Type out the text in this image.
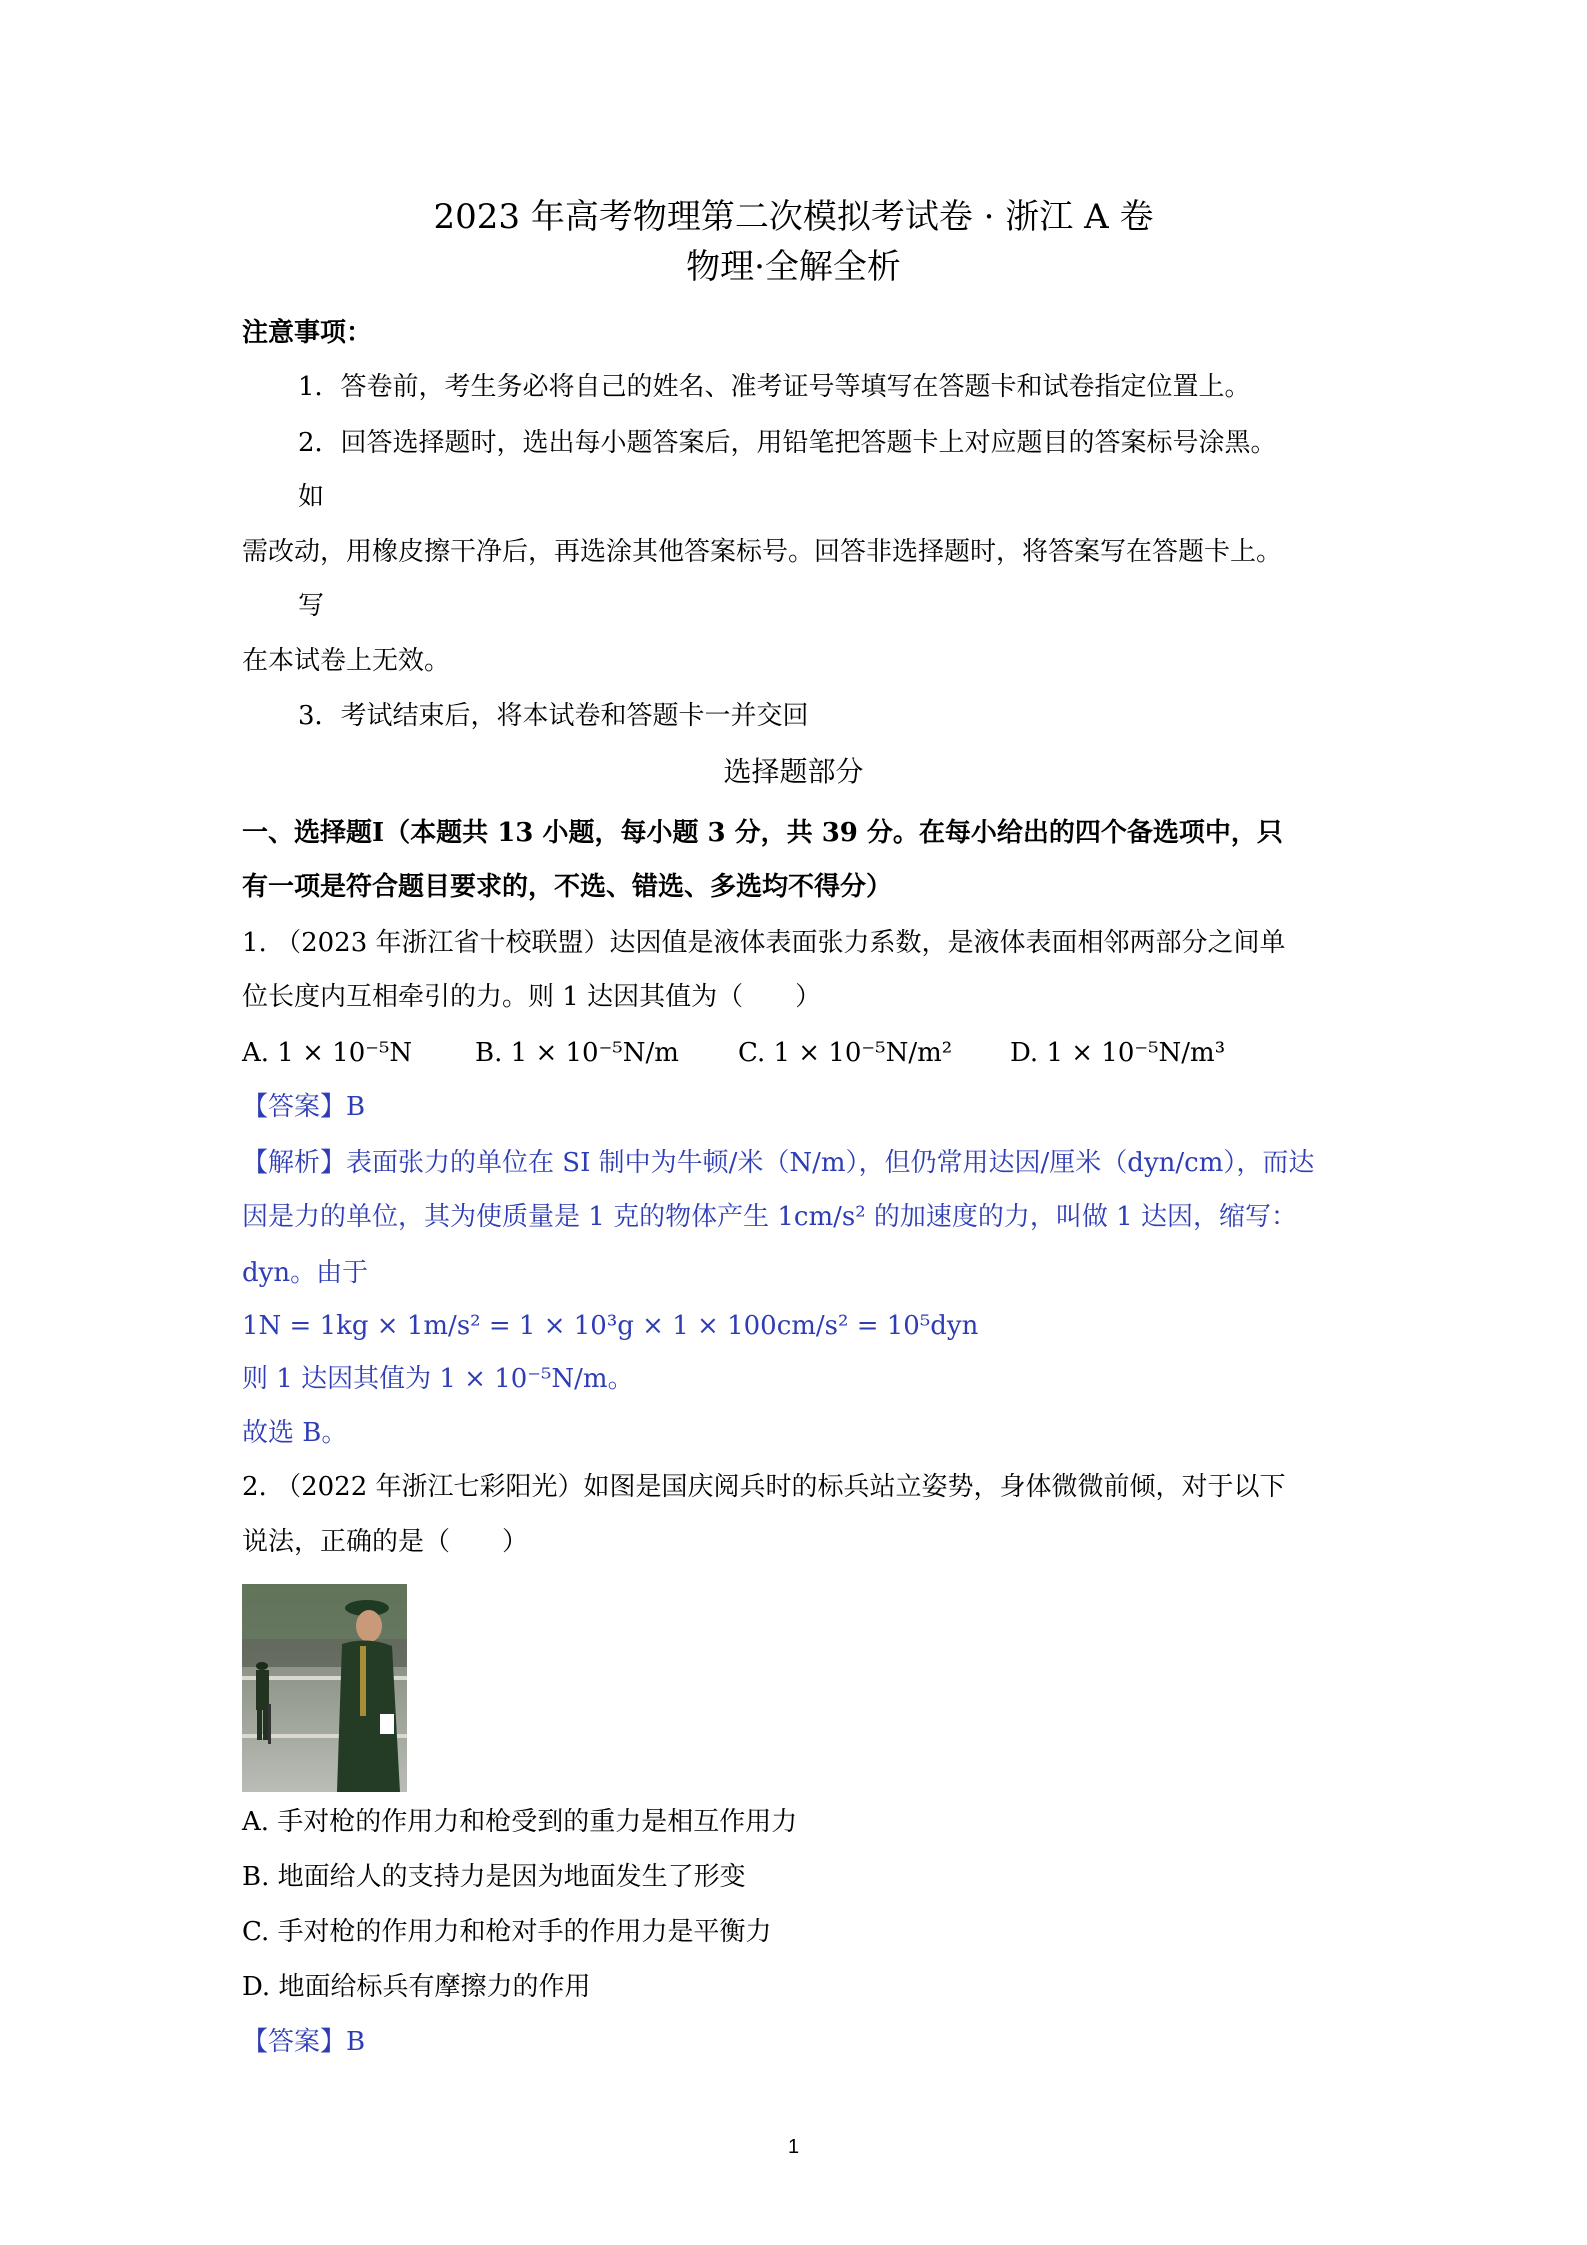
2023 年高考物理第二次模拟考试卷 · 浙江 A 卷
物理·全解全析
注意事项：
1．答卷前，考生务必将自己的姓名、准考证号等填写在答题卡和试卷指定位置上。
2．回答选择题时，选出每小题答案后，用铅笔把答题卡上对应题目的答案标号涂黑。
如
需改动，用橡皮擦干净后，再选涂其他答案标号。回答非选择题时，将答案写在答题卡上。
写
在本试卷上无效。
3．考试结束后，将本试卷和答题卡一并交回
选择题部分
一、选择题Ⅰ（本题共 13 小题，每小题 3 分，共 39 分。在每小给出的四个备选项中，只
有一项是符合题目要求的，不选、错选、多选均不得分）
1. （2023 年浙江省十校联盟）达因值是液体表面张力系数，是液体表面相邻两部分之间单
位长度内互相牵引的力。则 1 达因其值为（　　）
A. 1 × 10⁻⁵N B. 1 × 10⁻⁵N/m C. 1 × 10⁻⁵N/m² D. 1 × 10⁻⁵N/m³
【答案】B
【解析】表面张力的单位在 SI 制中为牛顿/米（N/m），但仍常用达因/厘米（dyn/cm），而达
因是力的单位，其为使质量是 1 克的物体产生 1cm/s² 的加速度的力，叫做 1 达因，缩写：
dyn。由于
1N = 1kg × 1m/s² = 1 × 10³g × 1 × 100cm/s² = 10⁵dyn
则 1 达因其值为 1 × 10⁻⁵N/m。
故选 B。
2. （2022 年浙江七彩阳光）如图是国庆阅兵时的标兵站立姿势，身体微微前倾，对于以下
说法，正确的是（　　）
A. 手对枪的作用力和枪受到的重力是相互作用力
B. 地面给人的支持力是因为地面发生了形变
C. 手对枪的作用力和枪对手的作用力是平衡力
D. 地面给标兵有摩擦力的作用
【答案】B
1
